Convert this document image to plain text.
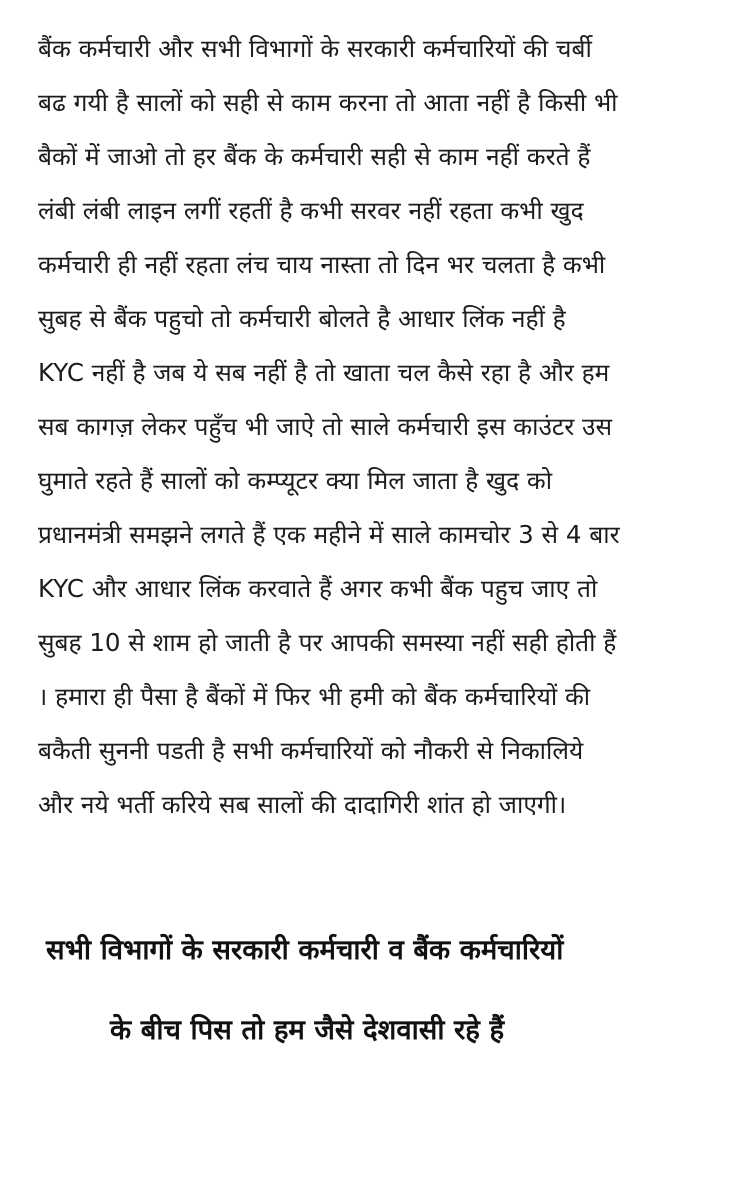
बैंक कर्मचारी और सभी विभागों के सरकारी कर्मचारियों की चर्बी
बढ गयी है सालों को सही से काम करना तो आता नहीं है किसी भी
बैकों में जाओ तो हर बैंक के कर्मचारी सही से काम नहीं करते हैं
लंबी लंबी लाइन लगीं रहतीं है कभी सरवर नहीं रहता कभी खुद
कर्मचारी ही नहीं रहता लंच चाय नास्ता तो दिन भर चलता है कभी
सुबह से बैंक पहुचो तो कर्मचारी बोलते है आधार लिंक नहीं है
KYC नहीं है जब ये सब नहीं है तो खाता चल कैसे रहा है और हम
सब कागज़ लेकर पहुँच भी जाऐ तो साले कर्मचारी इस काउंटर उस
घुमाते रहते हैं सालों को कम्प्यूटर क्या मिल जाता है खुद को
प्रधानमंत्री समझने लगते हैं एक महीने में साले कामचोर 3 से 4 बार
KYC और आधार लिंक करवाते हैं अगर कभी बैंक पहुच जाए तो
सुबह 10 से शाम हो जाती है पर आपकी समस्या नहीं सही होती हैं
। हमारा ही पैसा है बैंकों में फिर भी हमी को बैंक कर्मचारियों की
बकैती सुननी पडती है सभी कर्मचारियों को नौकरी से निकालिये
और नये भर्ती करिये सब सालों की दादागिरी शांत हो जाएगी।
सभी विभागों के सरकारी कर्मचारी व बैंक कर्मचारियों
के बीच पिस तो हम जैसे देशवासी रहे हैं
